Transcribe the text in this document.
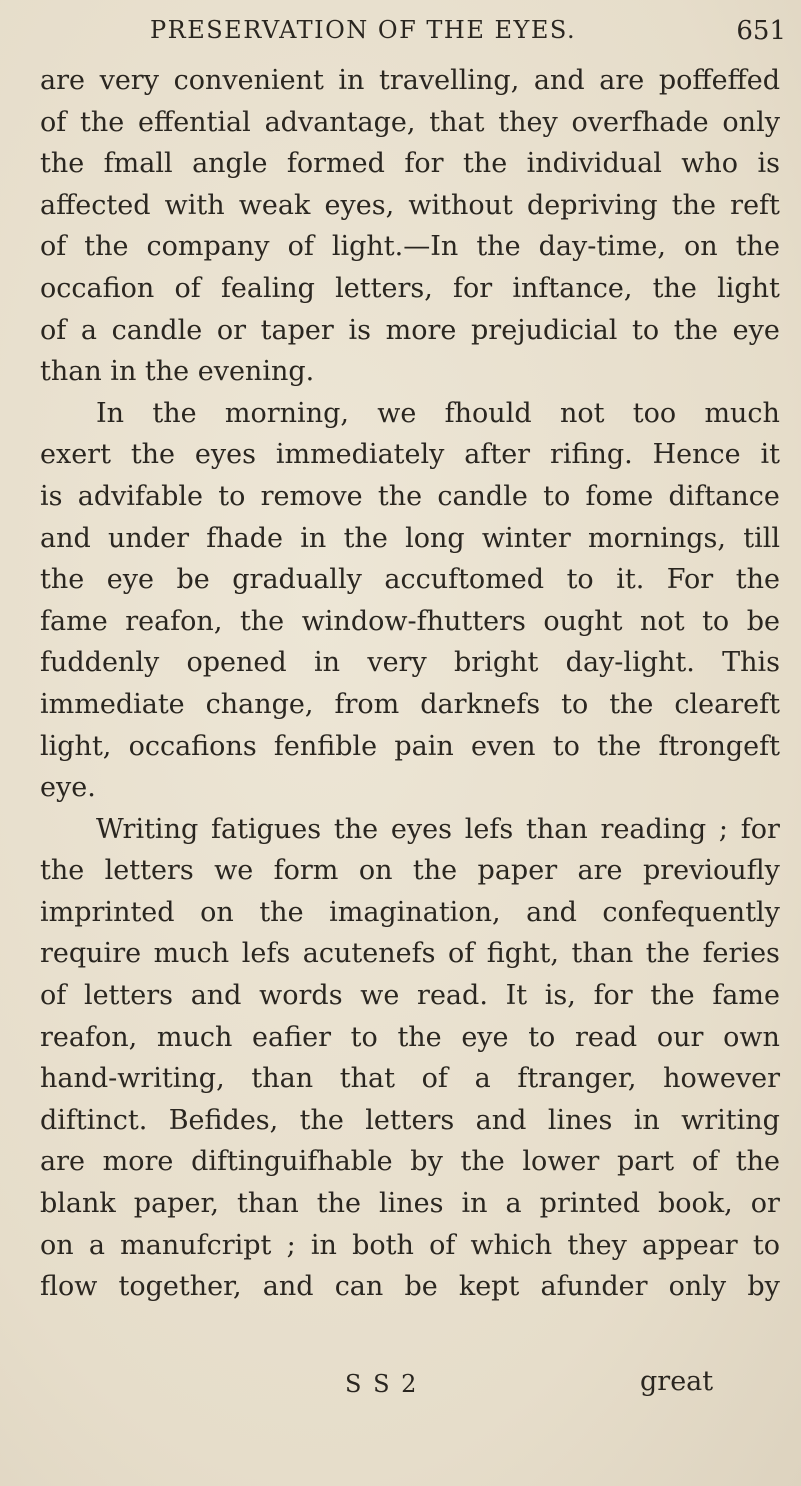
PRESERVATION OF THE EYES.	651
are very convenient in travelling, and are poffeffed
of the effential advantage, that they overfhade only
the fmall angle formed for the individual who is
affected with weak eyes, without depriving the reft
of the company of light.—In the day-time, on the
occafion of fealing letters, for inftance, the light
of a candle or taper is more prejudicial to the eye
than in the evening.
In the morning, we fhould not too much
exert the eyes immediately after rifing. Hence it
is advifable to remove the candle to fome diftance
and under fhade in the long winter mornings, till
the eye be gradually accuftomed to it. For the
fame reafon, the window-fhutters ought not to be
fuddenly opened in very bright day-light. This
immediate change, from darknefs to the cleareft
light, occafions fenfible pain even to the ftrongeft
eye.
Writing fatigues the eyes lefs than reading ; for
the letters we form on the paper are previoufly
imprinted on the imagination, and confequently
require much lefs acutenefs of fight, than the feries
of letters and words we read. It is, for the fame
reafon, much eafier to the eye to read our own
hand-writing, than that of a ftranger, however
diftinct. Befides, the letters and lines in writing
are more diftinguifhable by the lower part of the
blank paper, than the lines in a printed book, or
on a manufcript ; in both of which they appear to
flow together, and can be kept afunder only by
S S 2	great
